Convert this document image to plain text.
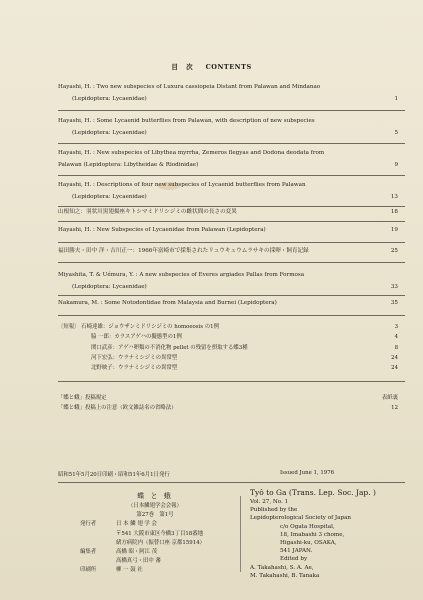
目 次 CONTENTS
Hayashi, H. : Two new subspecies of Luxura cassiopeia Distant from Palawan and Mindanao
(Lepidoptera: Lycaenidae)	1
Hayashi, H. : Some Lycaenid butterflies from Palawan, with description of new subspecies
(Lepidoptera: Lycaenidae)	5
Hayashi, H. : New subspecies of Libythea myrrha, Zemeros flegyas and Dodona deodata from
Palawan (Lepidoptera: Libytheidae & Riodinidae)	9
Hayashi, H. : Descriptions of four new subspecies of Lycaenid butterflies from Palawan
(Lepidoptera: Lycaenidae)	13
山根知之：羽状川黒翅揚座キトシマミドリシジミの雌状間の長さの変異	18
Hayashi, H. : New Subspecies of Lycaenidae from Palawan (Lepidoptera)	19
福田勝夫・田中 洋・吉川正一：1966年富崎市で採集されたリュウキュウムラサキの採卵・飼育記録	25
Miyashita, T. & Uémura, Y. : A new subspecies of Everes argiades Pallas from Formosa
(Lepidoptera: Lycaenidae)	33
Nakamura, M. : Some Notodontidae from Malaysia and Burnei (Lepidoptera)	35
〔短報〕 石崎達雄：ジョウザンミドリシジミの homoeosis の1例	3
脇 一郎：カラスアゲハの擬態型の1例	4
関口武彦：アゲハ卵類の不消化物 pellet の残留を摂取する蝶3種	8
河下宏弘：ウラナミシジミの異常型	24
北野映子：ウラナミシジミの異常型	24
「蝶と蛾」投稿規定	表紙裏
「蝶と蛾」投稿上の注意（欧文雑誌名の省略法）	12
昭和51年5月20日印刷・昭和51年6月1日発行	Issued June 1, 1976
蝶 と 蛾
（日本鱗翅学会会報）
第27巻　第1号
発行者	日 本 鱗 翅 学 会
〒541 大阪市東区今橋3丁目18番地
緒方病院内（振替口座 京都15914）
編集者	高橋 昭・阿江 茂
高橋真弓・田中 蕃
印刷所	柳 一 鼓 社
Tyô to Ga (Trans. Lep. Soc. Jap. )
Vol. 27, No. 1
Published by the
Lepidopterological Society of Japan
c/o Ogata Hospital,
18, Imabashi 3 chome,
Higashi-ku, OSAKA,
541 JAPAN.
Edited by
A. Takahashi, S. A. Ae,
M. Takahashi, B. Tanaka
